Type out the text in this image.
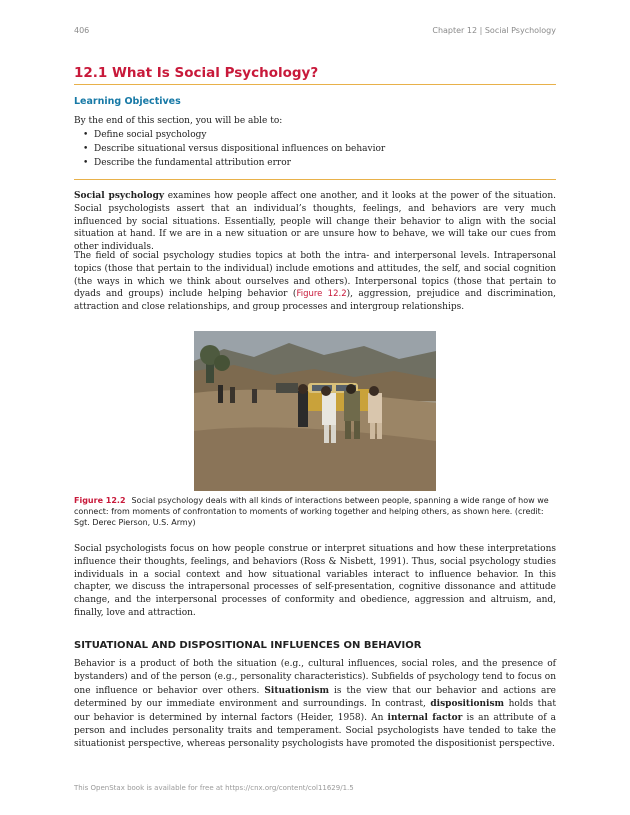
406	Chapter 12 | Social Psychology
12.1 What Is Social Psychology?
Learning Objectives

By the end of this section, you will be able to:

• Define social psychology
• Describe situational versus dispositional influences on behavior
• Describe the fundamental attribution error

Social psychology examines how people affect one another, and it looks at the power of the situation. Social psychologists assert that an individual’s thoughts, feelings, and behaviors are very much influenced by social situations. Essentially, people will change their behavior to align with the social situation at hand. If we are in a new situation or are unsure how to behave, we will take our cues from other individuals.

The field of social psychology studies topics at both the intra- and interpersonal levels. Intrapersonal topics (those that pertain to the individual) include emotions and attitudes, the self, and social cognition (the ways in which we think about ourselves and others). Interpersonal topics (those that pertain to dyads and groups) include helping behavior (Figure 12.2), aggression, prejudice and discrimination, attraction and close relationships, and group processes and intergroup relationships.

Figure 12.2 Social psychology deals with all kinds of interactions between people, spanning a wide range of how we connect: from moments of confrontation to moments of working together and helping others, as shown here. (credit: Sgt. Derec Pierson, U.S. Army)

Social psychologists focus on how people construe or interpret situations and how these interpretations influence their thoughts, feelings, and behaviors (Ross & Nisbett, 1991). Thus, social psychology studies individuals in a social context and how situational variables interact to influence behavior. In this chapter, we discuss the intrapersonal processes of self-presentation, cognitive dissonance and attitude change, and the interpersonal processes of conformity and obedience, aggression and altruism, and, finally, love and attraction.

SITUATIONAL AND DISPOSITIONAL INFLUENCES ON BEHAVIOR

Behavior is a product of both the situation (e.g., cultural influences, social roles, and the presence of bystanders) and of the person (e.g., personality characteristics). Subfields of psychology tend to focus on one influence or behavior over others. Situationism is the view that our behavior and actions are determined by our immediate environment and surroundings. In contrast, dispositionism holds that our behavior is determined by internal factors (Heider, 1958). An internal factor is an attribute of a person and includes personality traits and temperament. Social psychologists have tended to take the situationist perspective, whereas personality psychologists have promoted the dispositionist perspective.

This OpenStax book is available for free at https://cnx.org/content/col11629/1.5
